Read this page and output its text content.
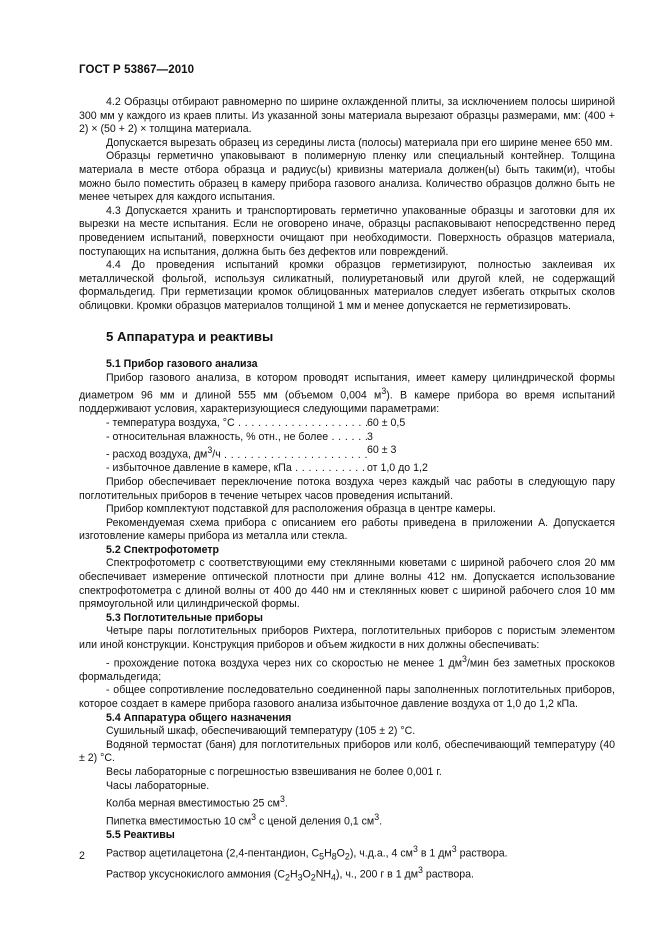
ГОСТ Р 53867—2010

4.2 Образцы отбирают равномерно по ширине охлажденной плиты, за исключением полосы шириной 300 мм у каждого из краев плиты. Из указанной зоны материала вырезают образцы размерами, мм: (400 + 2) × (50 + 2) × толщина материала.

Допускается вырезать образец из середины листа (полосы) материала при его ширине менее 650 мм.

Образцы герметично упаковывают в полимерную пленку или специальный контейнер. Толщина материала в месте отбора образца и радиус(ы) кривизны материала должен(ы) быть таким(и), чтобы можно было поместить образец в камеру прибора газового анализа. Количество образцов должно быть не менее четырех для каждого испытания.

4.3 Допускается хранить и транспортировать герметично упакованные образцы и заготовки для их вырезки на месте испытания. Если не оговорено иначе, образцы распаковывают непосредственно перед проведением испытаний, поверхности очищают при необходимости. Поверхность образцов материала, поступающих на испытания, должна быть без дефектов или повреждений.

4.4 До проведения испытаний кромки образцов герметизируют, полностью заклеивая их металлической фольгой, используя силикатный, полиуретановый или другой клей, не содержащий формальдегид. При герметизации кромок облицованных материалов следует избегать открытых сколов облицовки. Кромки образцов материалов толщиной 1 мм и менее допускается не герметизировать.

5 Аппаратура и реактивы

5.1 Прибор газового анализа

Прибор газового анализа, в котором проводят испытания, имеет камеру цилиндрической формы диаметром 96 мм и длиной 555 мм (объемом 0,004 $м^3$). В камере прибора во время испытаний поддерживают условия, характеризующиеся следующими параметрами:

- температура воздуха, °С . . .	60 ± 0,5
- относительная влажность, % отн., не более . . .	3
- расход воздуха, $дм^3/ч$ . . .	60 ± 3
- избыточное давление в камере, кПа . . .	от 1,0 до 1,2

Прибор обеспечивает переключение потока воздуха через каждый час работы в следующую пару поглотительных приборов в течение четырех часов проведения испытаний.

Прибор комплектуют подставкой для расположения образца в центре камеры.

Рекомендуемая схема прибора с описанием его работы приведена в приложении А. Допускается изготовление камеры прибора из металла или стекла.

5.2 Спектрофотометр

Спектрофотометр с соответствующими ему стеклянными кюветами с шириной рабочего слоя 20 мм обеспечивает измерение оптической плотности при длине волны 412 нм. Допускается использование спектрофотометра с длиной волны от 400 до 440 нм и стеклянных кювет с шириной рабочего слоя 10 мм прямоугольной или цилиндрической формы.

5.3 Поглотительные приборы

Четыре пары поглотительных приборов Рихтера, поглотительных приборов с пористым элементом или иной конструкции. Конструкция приборов и объем жидкости в них должны обеспечивать:

- прохождение потока воздуха через них со скоростью не менее 1 $дм^3$/мин без заметных проскоков формальдегида;

- общее сопротивление последовательно соединенной пары заполненных поглотительных приборов, которое создает в камере прибора газового анализа избыточное давление воздуха от 1,0 до 1,2 кПа.

5.4 Аппаратура общего назначения

Сушильный шкаф, обеспечивающий температуру (105 ± 2) °С.

Водяной термостат (баня) для поглотительных приборов или колб, обеспечивающий температуру (40 ± 2) °С.

Весы лабораторные с погрешностью взвешивания не более 0,001 г.

Часы лабораторные.

Колба мерная вместимостью 25 $см^3$.

Пипетка вместимостью 10 $см^3$ с ценой деления 0,1 $см^3$.

5.5 Реактивы

Раствор ацетилацетона (2,4-пентандион, $C_5H_8O_2$), ч.д.а., 4 $см^3$ в 1 $дм^3$ раствора.

Раствор уксуснокислого аммония $(C_2H_3O_2NH_4)$, ч., 200 г в 1 $дм^3$ раствора.

2
